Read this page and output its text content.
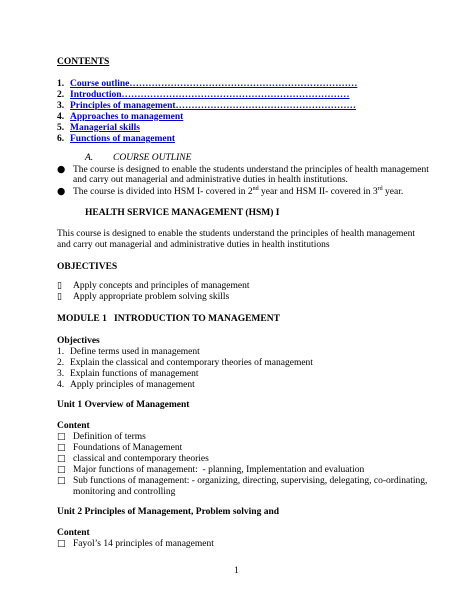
CONTENTS
1. Course outline………………………………………………………………
2. Introduction………………………………………………………………
3. Principles of management…………………………………………………
4. Approaches to management
5. Managerial skills
6. Functions of management
A. COURSE OUTLINE
● The course is designed to enable the students understand the principles of health management
and carry out managerial and administrative duties in health institutions.
● The course is divided into HSM I- covered in 2nd year and HSM II- covered in 3rd year.
HEALTH SERVICE MANAGEMENT (HSM) I
This course is designed to enable the students understand the principles of health management
and carry out managerial and administrative duties in health institutions
OBJECTIVES
▯ Apply concepts and principles of management
▯ Apply appropriate problem solving skills
MODULE 1   INTRODUCTION TO MANAGEMENT
Objectives
1. Define terms used in management
2. Explain the classical and contemporary theories of management
3. Explain functions of management
4. Apply principles of management
Unit 1 Overview of Management
Content
□ Definition of terms
□ Foundations of Management
□ classical and contemporary theories
□ Major functions of management:  - planning, Implementation and evaluation
□ Sub functions of management: - organizing, directing, supervising, delegating, co-ordinating,
monitoring and controlling
Unit 2 Principles of Management, Problem solving and
Content
□ Fayol’s 14 principles of management
1
